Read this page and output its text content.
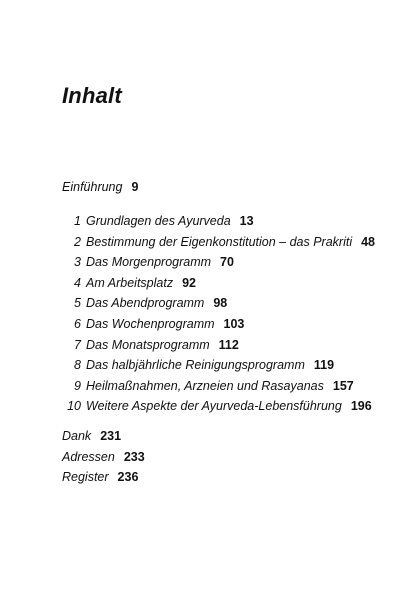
Inhalt
Einführung 9
1 Grundlagen des Ayurveda 13
2 Bestimmung der Eigenkonstitution – das Prakriti 48
3 Das Morgenprogramm 70
4 Am Arbeitsplatz 92
5 Das Abendprogramm 98
6 Das Wochenprogramm 103
7 Das Monatsprogramm 112
8 Das halbjährliche Reinigungsprogramm 119
9 Heilmaßnahmen, Arzneien und Rasayanas 157
10 Weitere Aspekte der Ayurveda-Lebensführung 196
Dank 231
Adressen 233
Register 236
